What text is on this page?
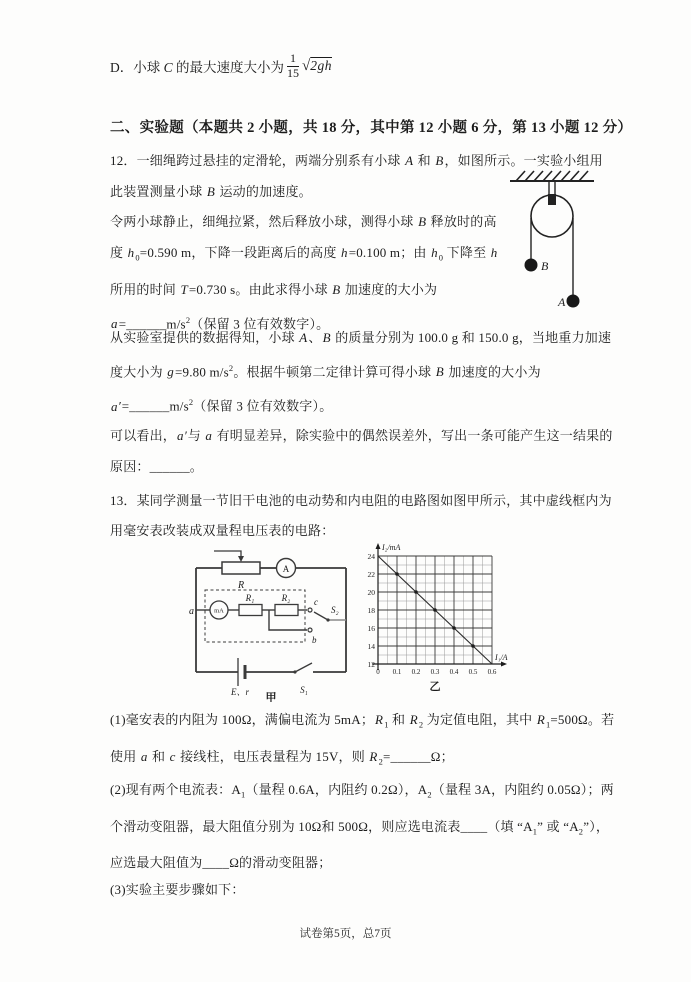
D．小球 C 的最大速度大小为 $\frac{1}{15} √2gh$
二、实验题（本题共 2 小题，共 18 分，其中第 12 小题 6 分，第 13 小题 12 分）
12．一细绳跨过悬挂的定滑轮，两端分别系有小球 A 和 B，如图所示。一实验小组用此装置测量小球 B 运动的加速度。
B
A
令两小球静止，细绳拉紧，然后释放小球，测得小球 B 释放时的高度 $h_0=0.590$ m，下降一段距离后的高度 h=0.100 m；由 $h_0$ 下降至 h 所用的时间 T=0.730 s。由此求得小球 B 加速度的大小为 $a=\_\_\_\_\_\_m/s^2$（保留 3 位有效数字）。
从实验室提供的数据得知，小球 A、B 的质量分别为 100.0 g 和 150.0 g，当地重力加速度大小为 g=9.80 $m/s^2$。根据牛顿第二定律计算可得小球 B 加速度的大小为 $a'=\_\_\_\_\_\_m/s^2$（保留 3 位有效数字）。
可以看出，a′与 a 有明显差异，除实验中的偶然误差外，写出一条可能产生这一结果的原因：______。
13．某同学测量一节旧干电池的电动势和内电阻的电路图如图甲所示，其中虚线框内为用毫安表改装成双量程电压表的电路：
R
A
a	mA
R₁	R₂	c
b
S₂
E、r	S₁
甲
24
22
20
18
16
14
12
0 0.1 0.2 0.3 0.4 0.5 0.6
I₂/mA
I₁/A
乙
(1)毫安表的内阻为 100Ω，满偏电流为 5mA；$R_1$ 和 $R_2$ 为定值电阻，其中 $R_1=500\Omega$。若使用 a 和 c 接线柱，电压表量程为 15V，则 $R_2=\_\_\_\_\_\_\Omega$；
(2)现有两个电流表：$A_1$（量程 0.6A，内阻约 0.2Ω），$A_2$（量程 3A，内阻约 0.05Ω）；两个滑动变阻器，最大阻值分别为 10Ω和 500Ω，则应选电流表____（填 “$A_1$” 或 “$A_2$”），应选最大阻值为____Ω的滑动变阻器；
(3)实验主要步骤如下：
试卷第5页，总7页
